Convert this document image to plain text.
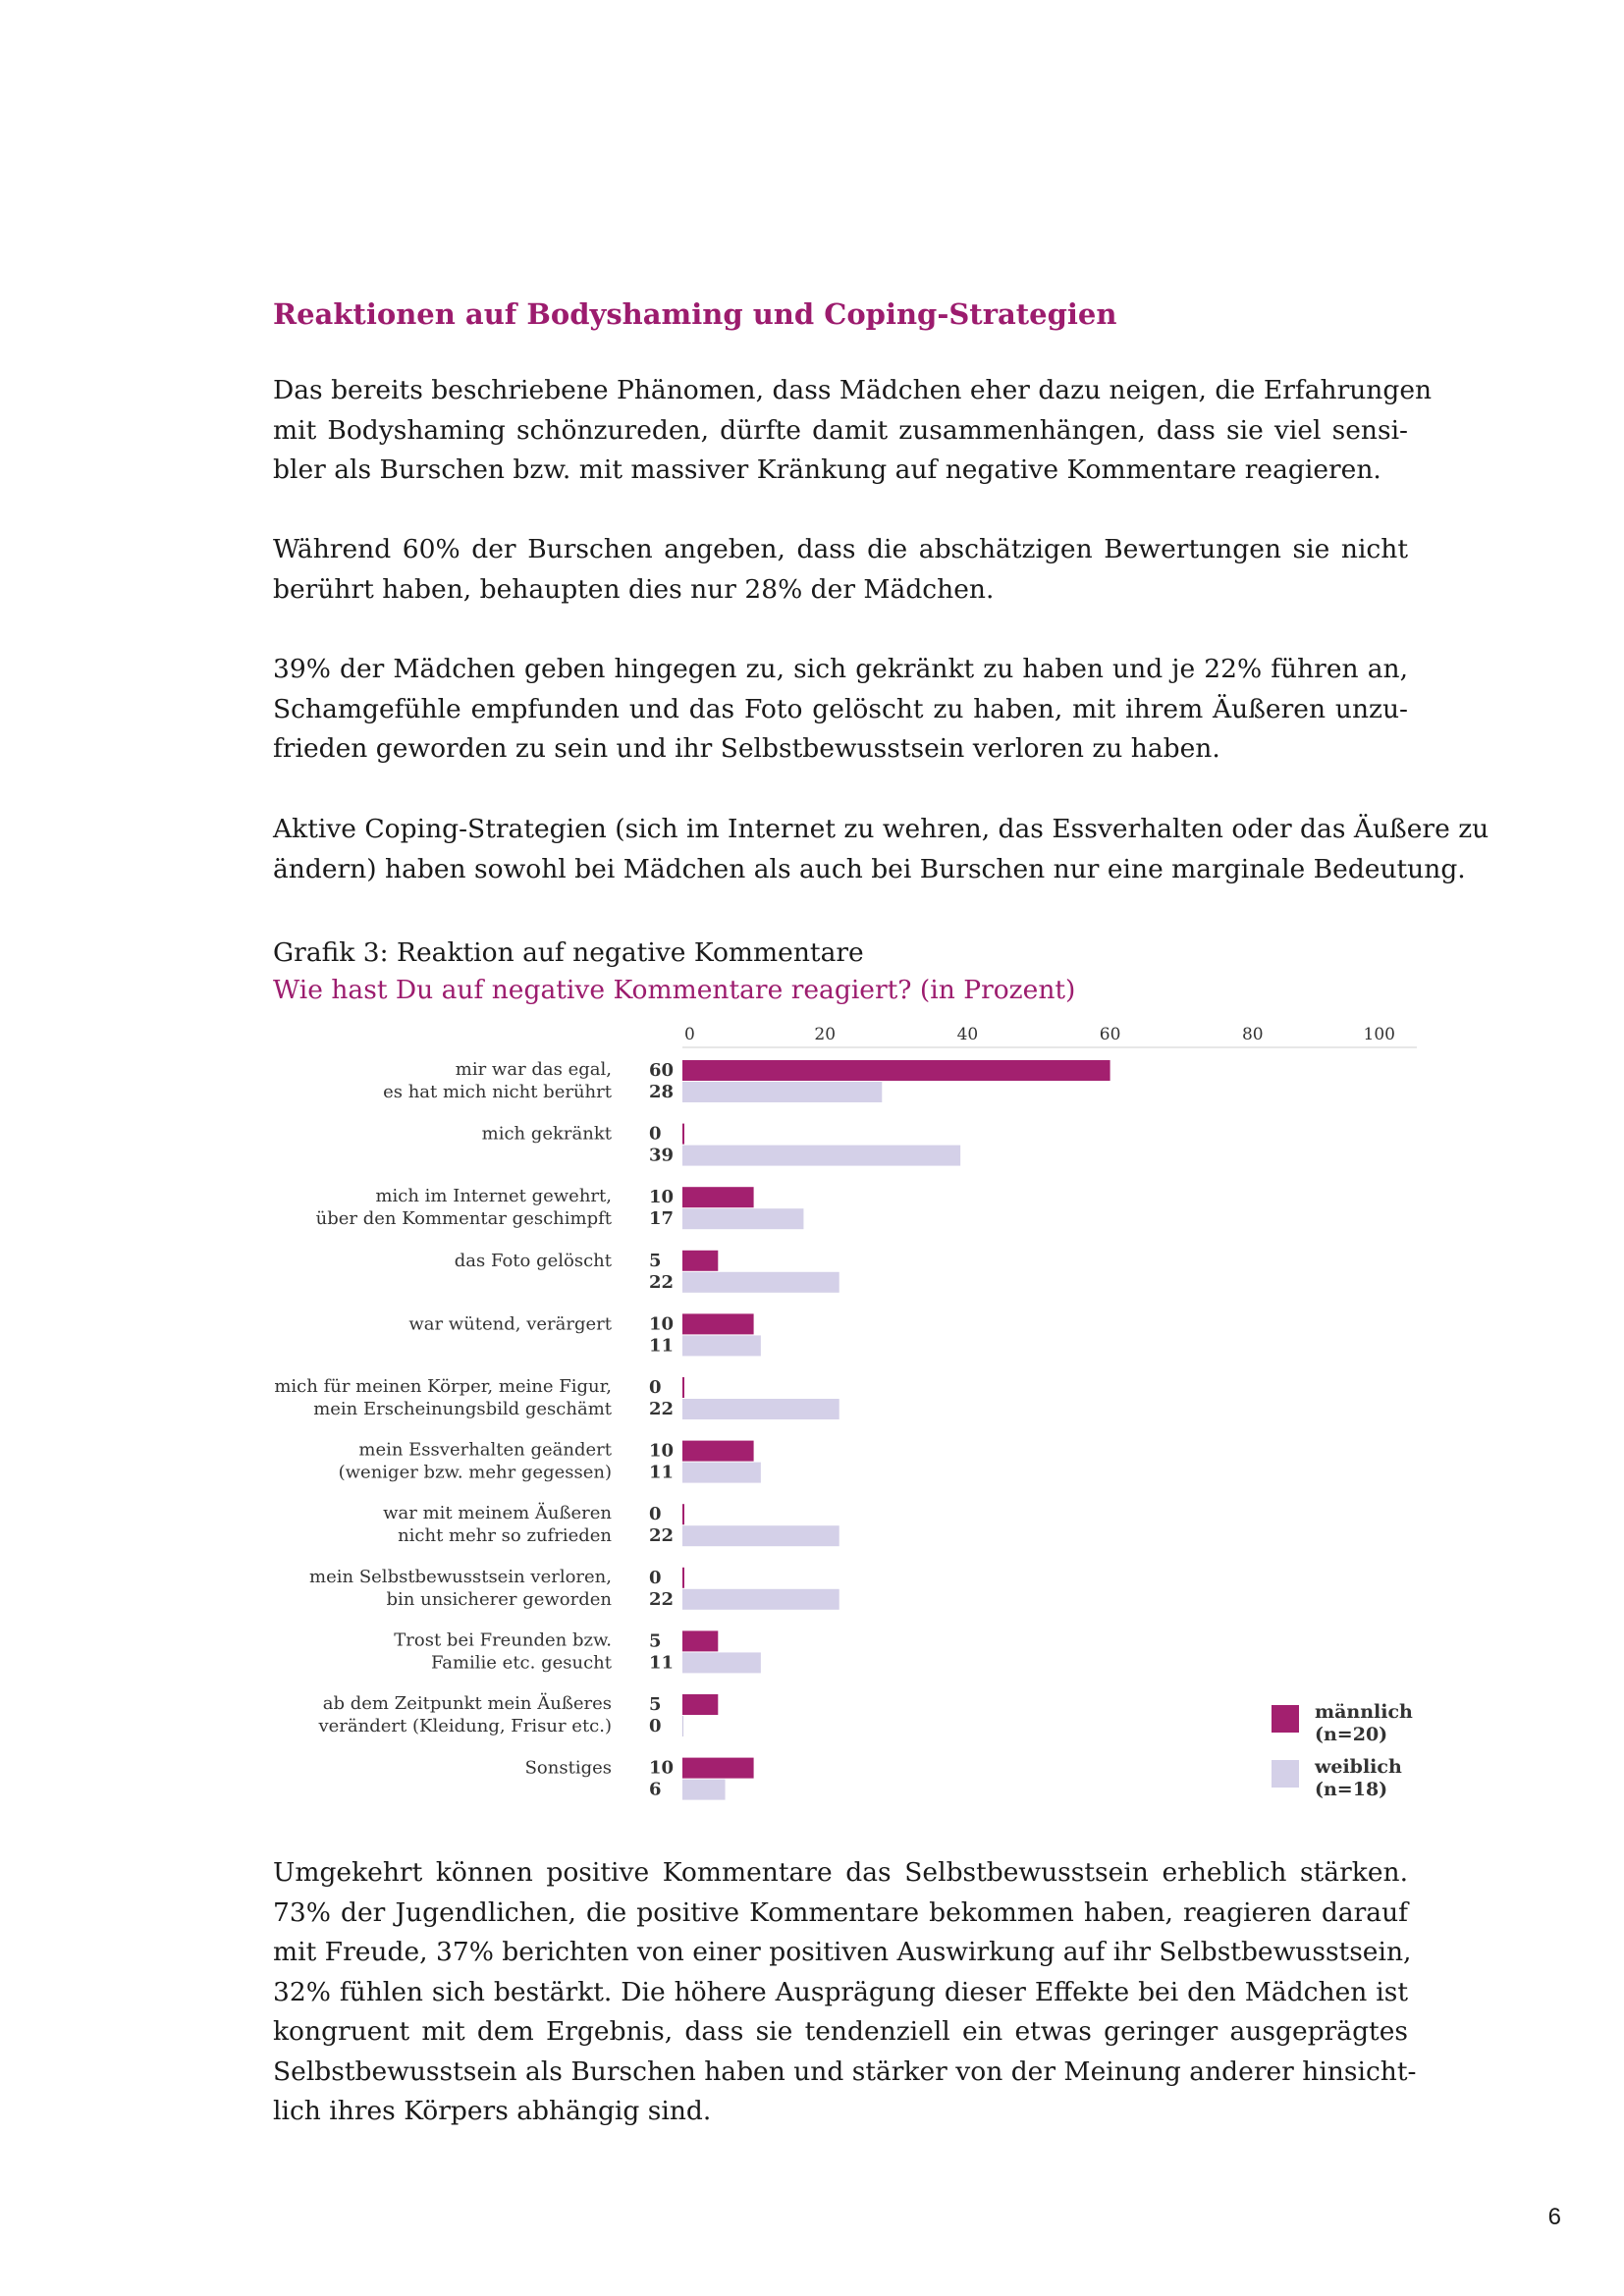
Reaktionen auf Bodyshaming und Coping-Strategien

Das bereits beschriebene Phänomen, dass Mädchen eher dazu neigen, die Erfahrungen
mit Bodyshaming schönzureden, dürfte damit zusammenhängen, dass sie viel sensi-
bler als Burschen bzw. mit massiver Kränkung auf negative Kommentare reagieren.

Während 60% der Burschen angeben, dass die abschätzigen Bewertungen sie nicht
berührt haben, behaupten dies nur 28% der Mädchen.

39% der Mädchen geben hingegen zu, sich gekränkt zu haben und je 22% führen an,
Schamgefühle empfunden und das Foto gelöscht zu haben, mit ihrem Äußeren unzu-
frieden geworden zu sein und ihr Selbstbewusstsein verloren zu haben.

Aktive Coping-Strategien (sich im Internet zu wehren, das Essverhalten oder das Äußere zu
ändern) haben sowohl bei Mädchen als auch bei Burschen nur eine marginale Bedeutung.

Grafik 3: Reaktion auf negative Kommentare

Wie hast Du auf negative Kommentare reagiert? (in Prozent)

0	20	40	60	80	100
mir war das egal,
es hat mich nicht berührt
60
28
mich gekränkt 0
39
mich im Internet gewehrt,
über den Kommentar geschimpft
10
17
das Foto gelöscht 5
22
war wütend, verärgert 10
11
mich für meinen Körper, meine Figur,
mein Erscheinungsbild geschämt
0
22
mein Essverhalten geändert
(weniger bzw. mehr gegessen)
10
11
war mit meinem Äußeren
nicht mehr so zufrieden
0
22
mein Selbstbewusstsein verloren,
bin unsicherer geworden
0
22
Trost bei Freunden bzw.
Familie etc. gesucht
5
11
ab dem Zeitpunkt mein Äußeres
verändert (Kleidung, Frisur etc.)
5
0
Sonstiges 10
6
männlich
(n=20)
weiblich
(n=18)

Umgekehrt können positive Kommentare das Selbstbewusstsein erheblich stärken.
73% der Jugendlichen, die positive Kommentare bekommen haben, reagieren darauf
mit Freude, 37% berichten von einer positiven Auswirkung auf ihr Selbstbewusstsein,
32% fühlen sich bestärkt. Die höhere Ausprägung dieser Effekte bei den Mädchen ist
kongruent mit dem Ergebnis, dass sie tendenziell ein etwas geringer ausgeprägtes
Selbstbewusstsein als Burschen haben und stärker von der Meinung anderer hinsicht-
lich ihres Körpers abhängig sind.

6
